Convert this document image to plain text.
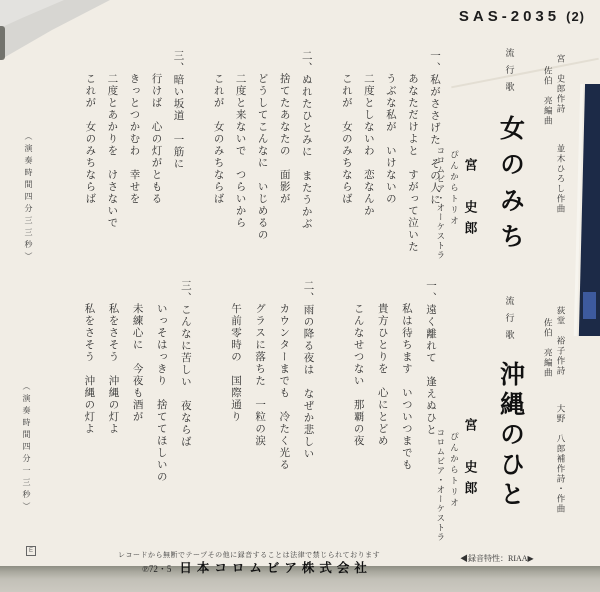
SAS-2035 (2)
宮　史郎作詩並木ひろし作曲
佐伯　亮編曲
流行歌女のみち
宮　史郎
ぴんからトリオ
コロムビア・オーケストラ
一、私がささげた　その人に
あなただけよと　すがって泣いた
うぶな私が　いけないの
二度としないわ　恋なんか
これが　女のみちならば

二、ぬれたひとみに　またうかぶ
捨てたあなたの　面影が
どうしてこんなに　いじめるの
二度と来ないで　つらいから
これが　女のみちならば

三、暗い坂道　一筋に
行けば　心の灯がともる
きっとつかむわ　幸せを
二度とあかりを　けさないで
これが　女のみちならば
（演奏時間四分三三秒）
荻堂　裕子作詩大野　八郎補作詩・作曲
佐伯　亮編曲
流行歌沖縄のひと
宮　史郎
ぴんからトリオ
コロムビア・オーケストラ
一、遠く離れて　逢えぬひと
私は待ちます　いついつまでも
貴方ひとりを　心にとどめ
こんなせつない　那覇の夜

二、雨の降る夜は　なぜか悲しい
カウンターまでも　冷たく光る
グラスに落ちた　一粒の涙
午前零時の　国際通り

三、こんなに苦しい　夜ならば
いっそはっきり　捨ててほしいの
未練心に　今夜も酒が
私をさそう　沖縄の灯よ
私をさそう　沖縄の灯よ
（演奏時間四分一三秒）
E	レコードから無断でテープその他に録音することは法律で禁じられております
℗72・5 日本コロムビア株式会社
◀録音特性：RIAA▶
